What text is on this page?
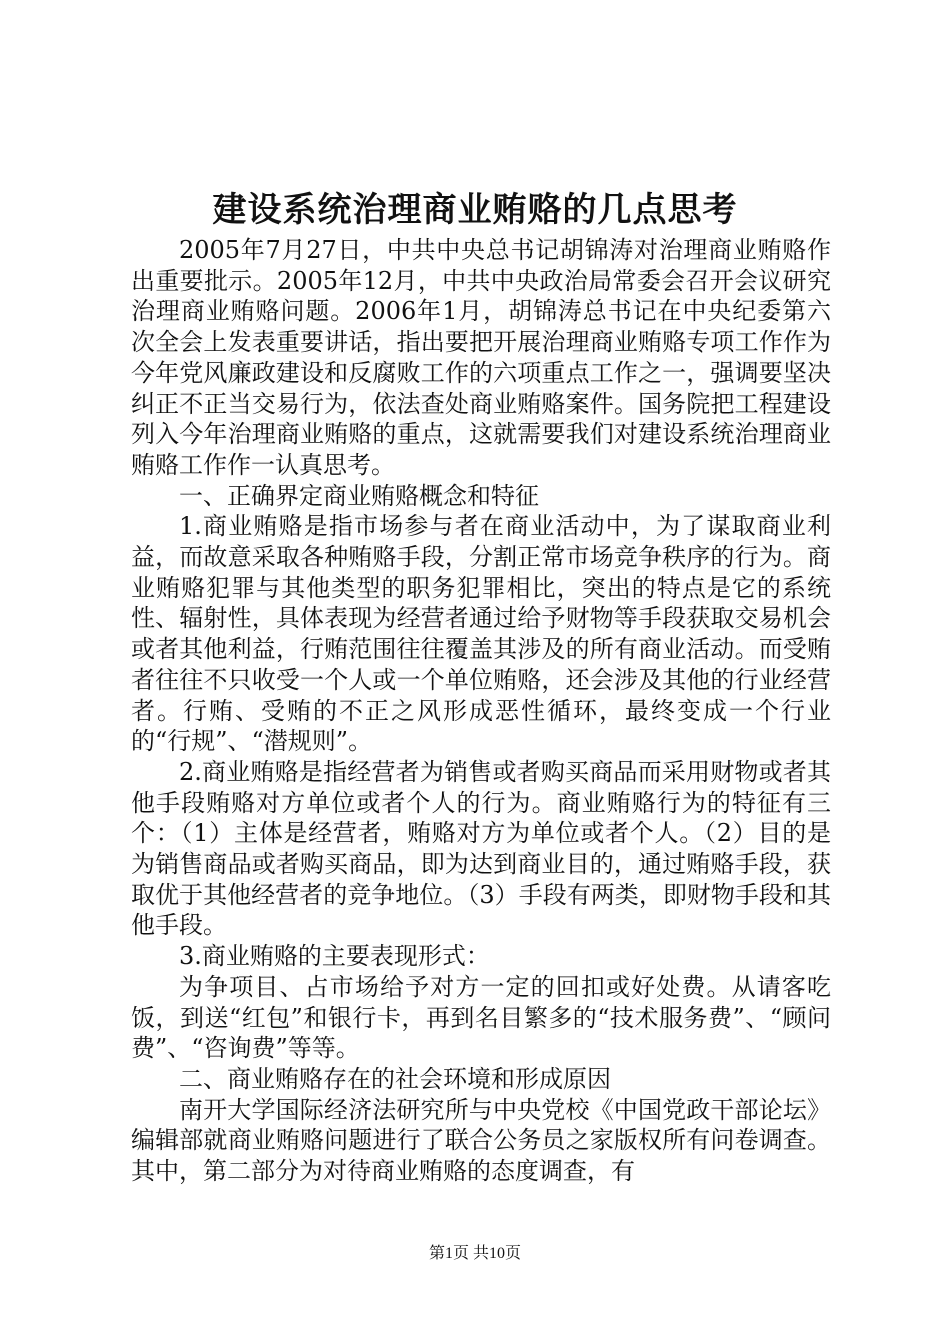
建设系统治理商业贿赂的几点思考

2005年7月27日，中共中央总书记胡锦涛对治理商业贿赂作出重要批示。2005年12月，中共中央政治局常委会召开会议研究治理商业贿赂问题。2006年1月，胡锦涛总书记在中央纪委第六次全会上发表重要讲话，指出要把开展治理商业贿赂专项工作作为今年党风廉政建设和反腐败工作的六项重点工作之一，强调要坚决纠正不正当交易行为，依法查处商业贿赂案件。国务院把工程建设列入今年治理商业贿赂的重点，这就需要我们对建设系统治理商业贿赂工作作一认真思考。

一、正确界定商业贿赂概念和特征

1.商业贿赂是指市场参与者在商业活动中，为了谋取商业利益，而故意采取各种贿赂手段，分割正常市场竞争秩序的行为。商业贿赂犯罪与其他类型的职务犯罪相比，突出的特点是它的系统性、辐射性，具体表现为经营者通过给予财物等手段获取交易机会或者其他利益，行贿范围往往覆盖其涉及的所有商业活动。而受贿者往往不只收受一个人或一个单位贿赂，还会涉及其他的行业经营者。行贿、受贿的不正之风形成恶性循环，最终变成一个行业的“行规”、“潜规则”。

2.商业贿赂是指经营者为销售或者购买商品而采用财物或者其他手段贿赂对方单位或者个人的行为。商业贿赂行为的特征有三个：（1）主体是经营者，贿赂对方为单位或者个人。（2）目的是为销售商品或者购买商品，即为达到商业目的，通过贿赂手段，获取优于其他经营者的竞争地位。（3）手段有两类，即财物手段和其他手段。

3.商业贿赂的主要表现形式：

为争项目、占市场给予对方一定的回扣或好处费。从请客吃饭，到送“红包”和银行卡，再到名目繁多的“技术服务费”、“顾问费”、“咨询费”等等。

二、商业贿赂存在的社会环境和形成原因

南开大学国际经济法研究所与中央党校《中国党政干部论坛》编辑部就商业贿赂问题进行了联合公务员之家版权所有问卷调查。其中，第二部分为对待商业贿赂的态度调查，有

第1页 共10页
